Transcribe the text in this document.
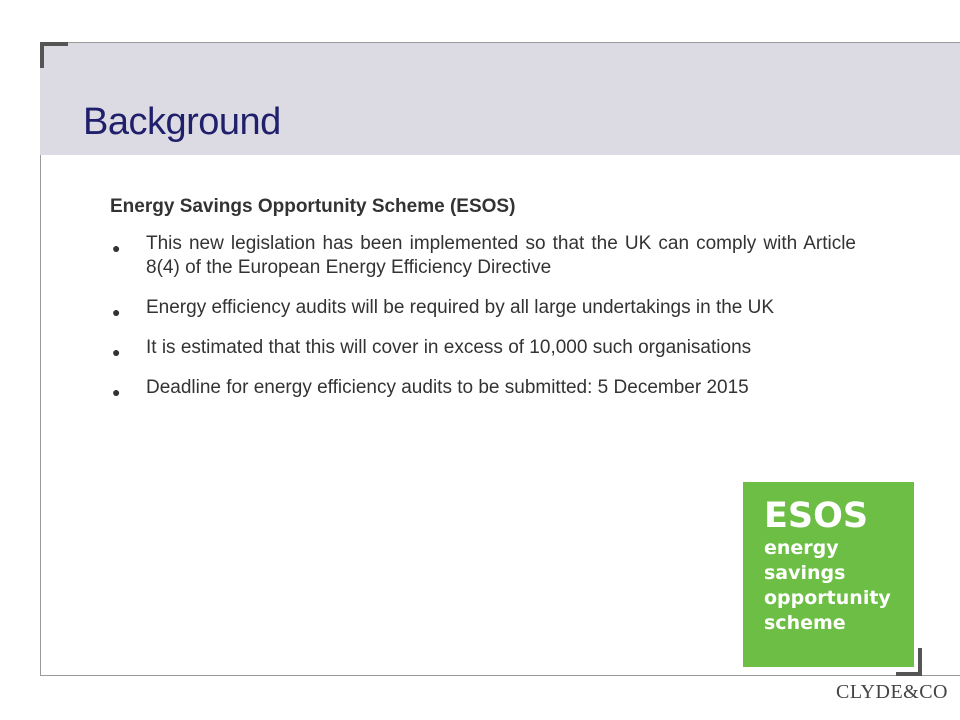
Background

Energy Savings Opportunity Scheme (ESOS)

● This new legislation has been implemented so that the UK can comply with Article 8(4) of the European Energy Efficiency Directive
● Energy efficiency audits will be required by all large undertakings in the UK
● It is estimated that this will cover in excess of 10,000 such organisations
● Deadline for energy efficiency audits to be submitted: 5 December 2015
ESOS
energy
savings
opportunity
scheme
CLYDE&CO
